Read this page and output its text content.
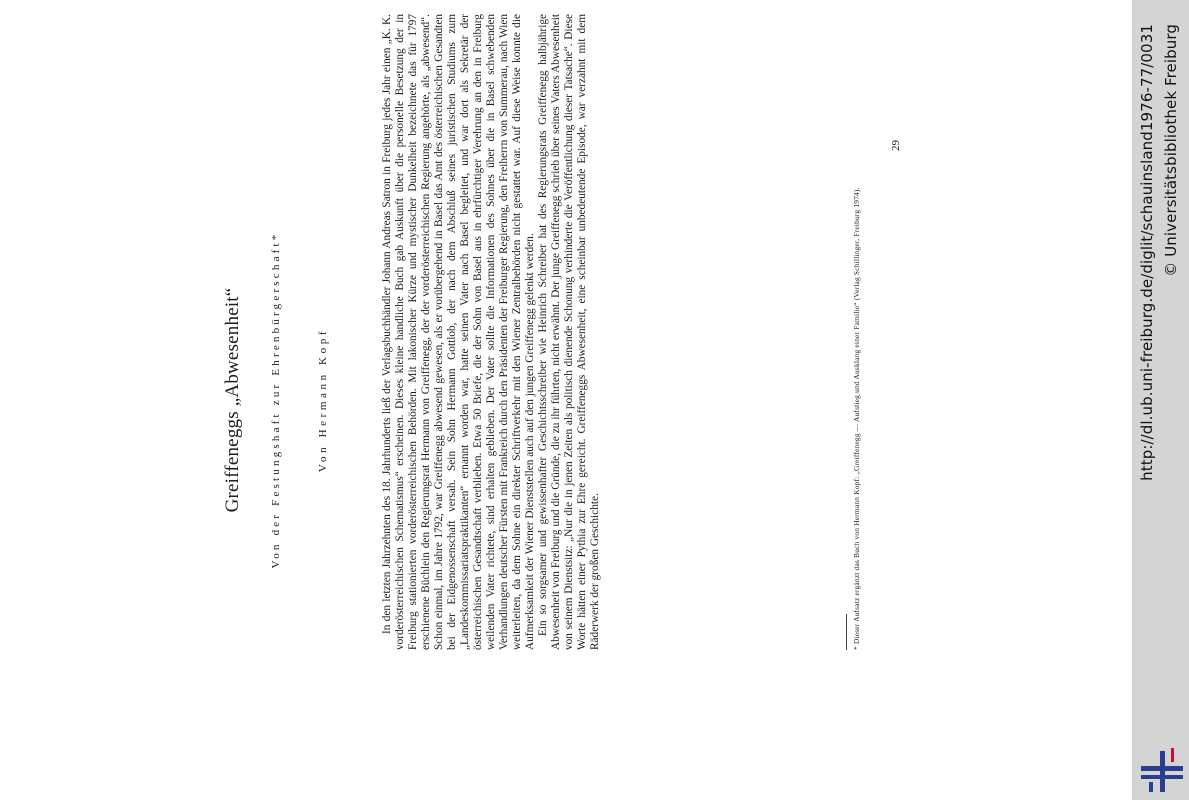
Greiffeneggs „Abwesenheit“ Von der Festungshaft zur Ehrenbürgerschaft*	Von Hermann Kopf	In den letzten Jahrzehnten des 18. Jahrhunderts ließ der Verlagsbuchhändler Johann Andreas Satron in Freiburg jedes Jahr einen „K. K. vorderösterreichischen Schematismus“ erscheinen. Dieses kleine handliche Buch gab Auskunft über die personelle Besetzung der in Freiburg stationierten vorderösterreichischen Behörden. Mit lakonischer Kürze und mystischer Dunkelheit bezeichnete das für 1797 erschienene Büchlein den Regierungsrat Hermann von Greiffenegg, der der vorderösterreichischen Regierung angehörte, als „abwesend“. Schon einmal, im Jahre 1792, war Greiffenegg abwesend gewesen, als er vorübergehend in Basel das Amt des österreichischen Gesandten bei der Eidgenossenschaft versah. Sein Sohn Hermann Gottlob, der nach dem Abschluß seines juristischen Studiums zum „Landeskommissariatspraktikanten“ ernannt worden war, hatte seinen Vater nach Basel begleitet, und war dort als Sekretär der österreichischen Gesandtschaft verblieben. Etwa 50 Briefe, die der Sohn von Basel aus in ehrfürchtiger Verehrung an den in Freiburg weilenden Vater richtete, sind erhalten geblieben. Der Vater sollte die Informationen des Sohnes über die in Basel schwebenden Verhandlungen deutscher Fürsten mit Frankreich durch den Präsidenten der Freiburger Regierung, den Freiherrn von Summerau, nach Wien weiterleiten, da dem Sohne ein direkter Schriftverkehr mit den Wiener Zentralbehörden nicht gestattet war. Auf diese Weise konnte die Aufmerksamkeit der Wiener Dienststellen auch auf den jungen Greiffenegg gelenkt werden. Ein so sorgsamer und gewissenhafter Geschichtsschreiber wie Heinrich Schreiber hat des Regierungsrats Greiffenegg halbjährige Abwesenheit von Freiburg und die Gründe, die zu ihr führten, nicht erwähnt. Der junge Greiffenegg schrieb über seines Vaters Abwesenheit von seinem Dienstsitz: „Nur die in jenen Zeiten als politisch dienende Schonung verhinderte die Veröffentlichung dieser Tatsache“. Diese Worte hätten einer Pythia zur Ehre gereicht. Greiffeneggs Abwesenheit, eine scheinbar unbedeutende Episode, war verzahnt mit dem Räderwerk der großen Geschichte.	* Dieser Aufsatz ergänzt das Buch von Hermann Kopf: „Greiffenegg — Aufstieg und Ausklang einer Familie“ (Verlag Schillinger, Freiburg 1974).
29	http://dl.ub.uni-freiburg.de/diglit/schauinsland1976-77/0031 © Universitätsbibliothek Freiburg
